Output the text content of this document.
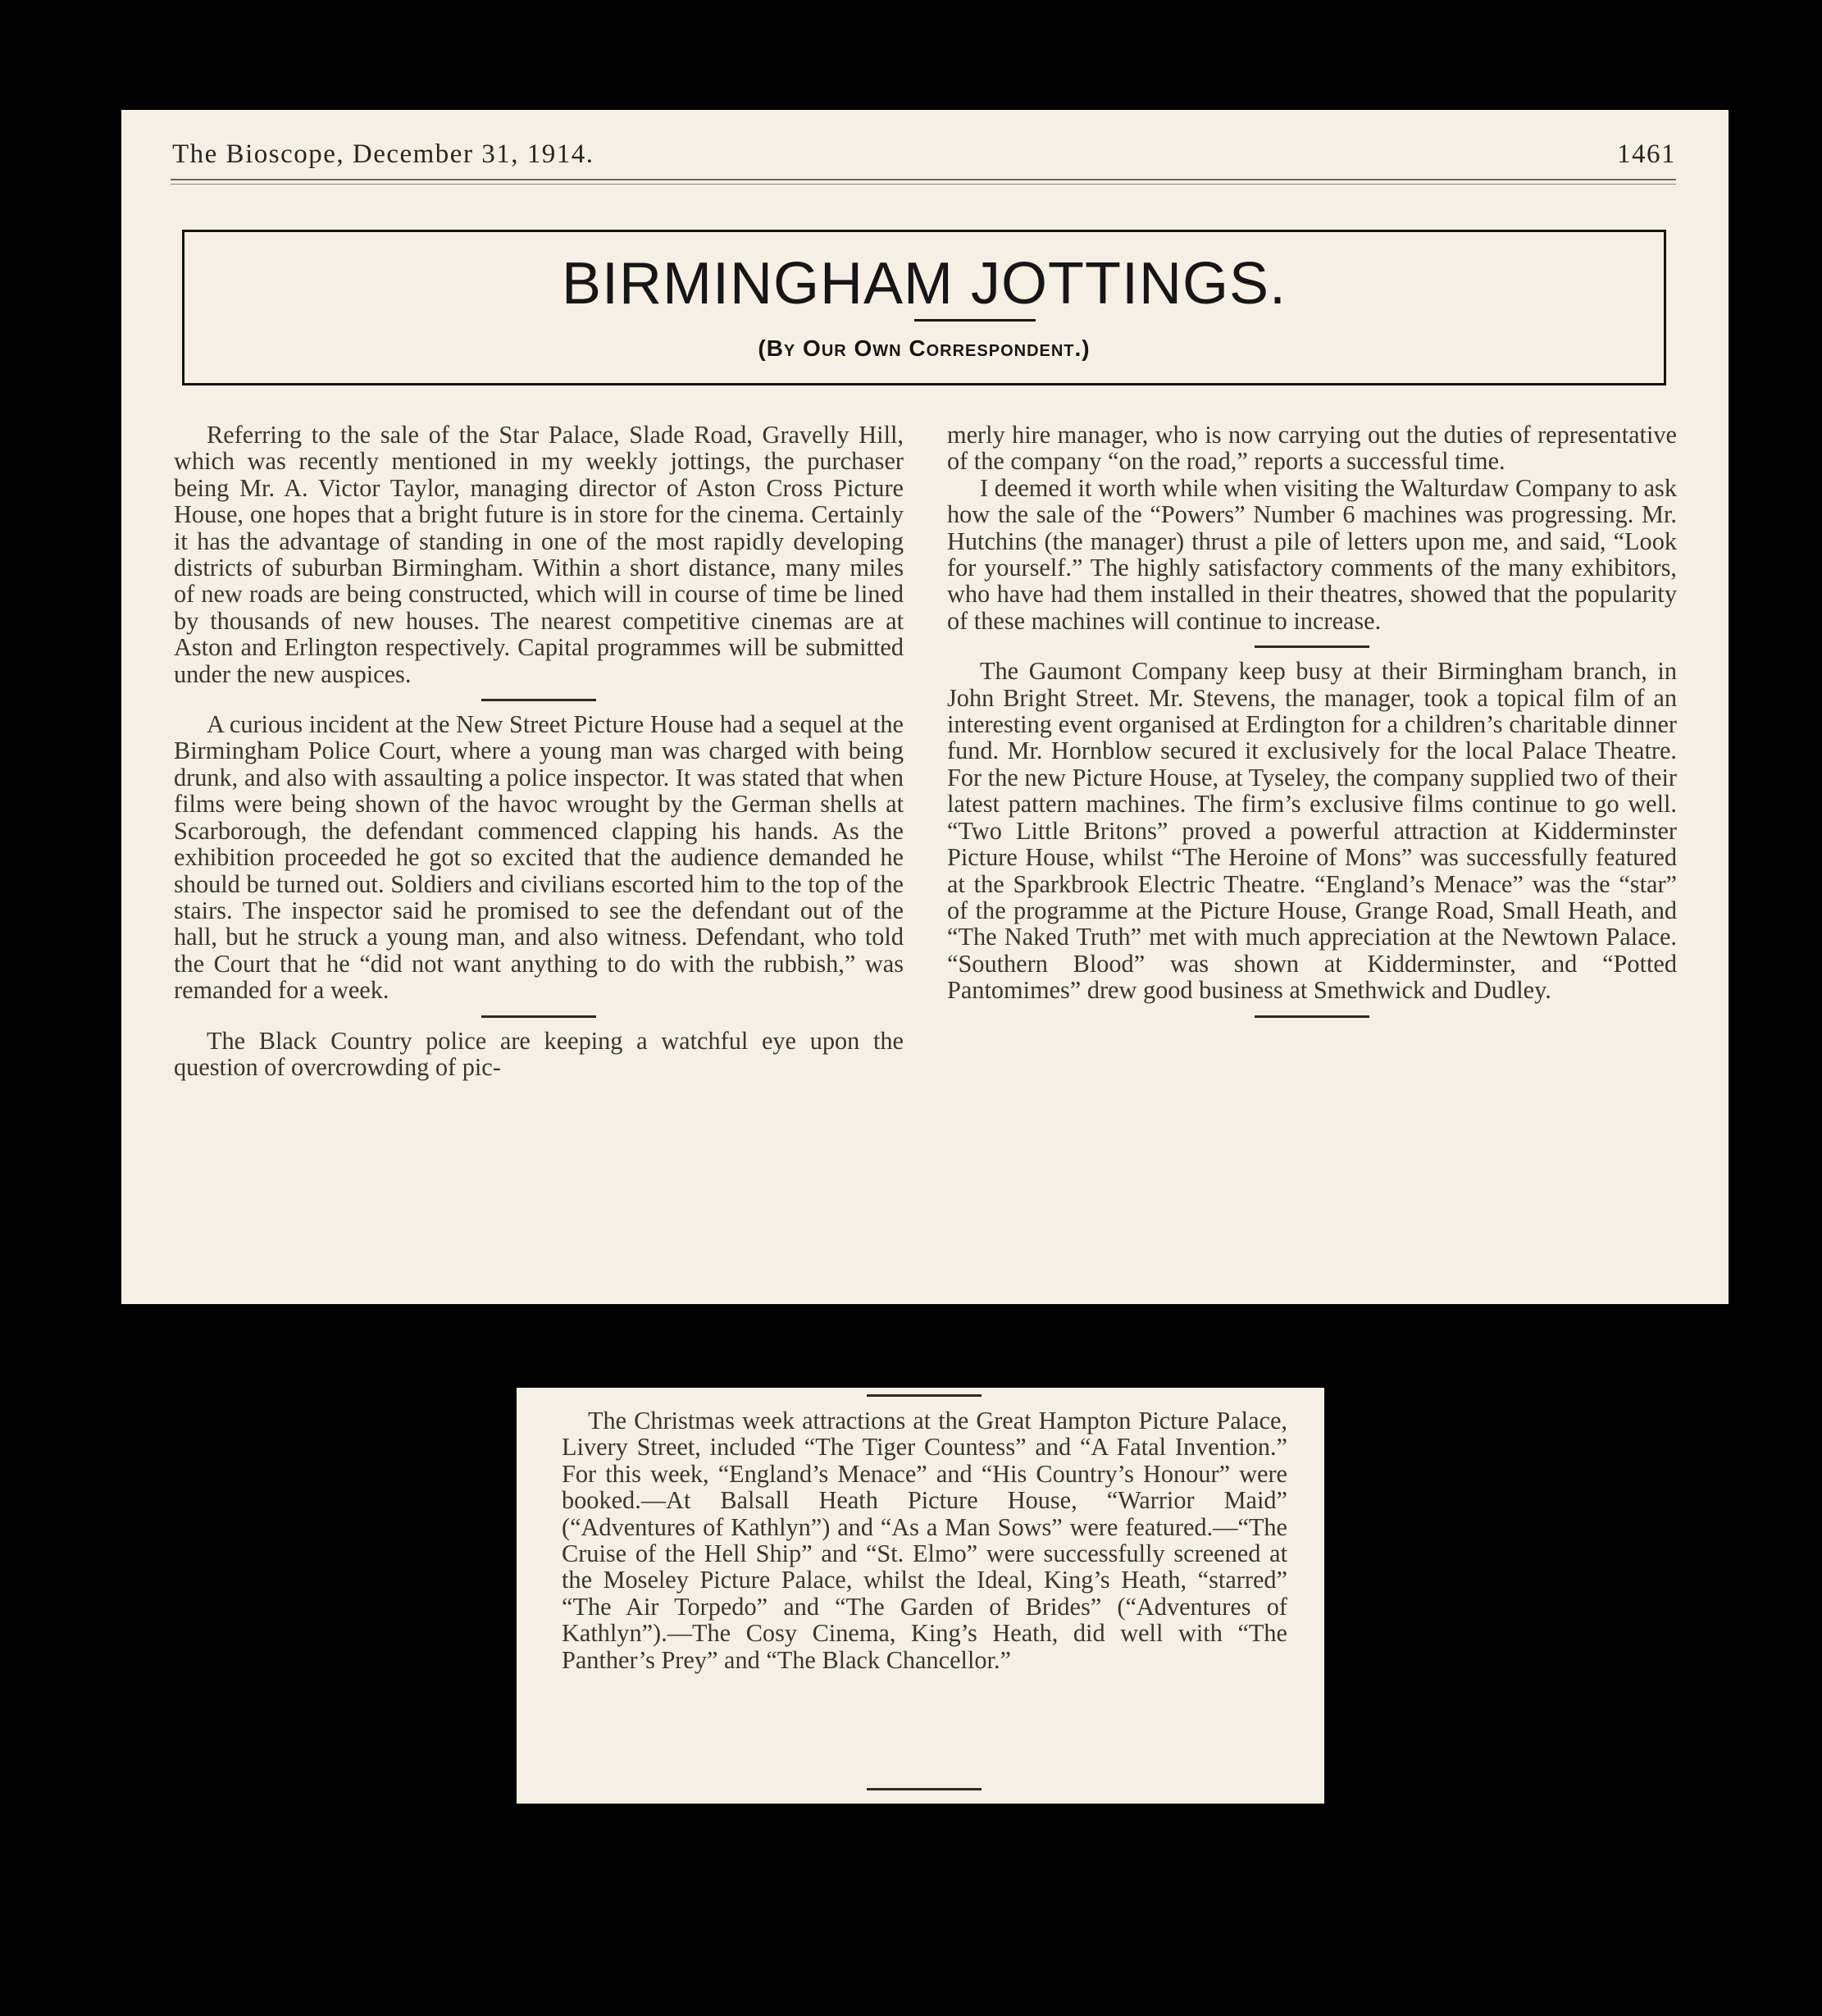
The Bioscope, December 31, 1914.	1461
BIRMINGHAM JOTTINGS.
(By Our Own Correspondent.)

Referring to the sale of the Star Palace, Slade Road, Gravelly Hill, which was recently mentioned in my weekly jottings, the purchaser being Mr. A. Victor Taylor, managing director of Aston Cross Picture House, one hopes that a bright future is in store for the cinema. Certainly it has the advantage of standing in one of the most rapidly developing districts of suburban Birmingham. Within a short distance, many miles of new roads are being constructed, which will in course of time be lined by thousands of new houses. The nearest competitive cinemas are at Aston and Erlington respectively. Capital programmes will be submitted under the new auspices.

A curious incident at the New Street Picture House had a sequel at the Birmingham Police Court, where a young man was charged with being drunk, and also with assaulting a police inspector. It was stated that when films were being shown of the havoc wrought by the German shells at Scarborough, the defendant commenced clapping his hands. As the exhibition proceeded he got so excited that the audience demanded he should be turned out. Soldiers and civilians escorted him to the top of the stairs. The inspector said he promised to see the defendant out of the hall, but he struck a young man, and also witness. Defendant, who told the Court that he “did not want anything to do with the rubbish,” was remanded for a week.

The Black Country police are keeping a watchful eye upon the question of overcrowding of pic-

merly hire manager, who is now carrying out the duties of representative of the company “on the road,” reports a successful time.

I deemed it worth while when visiting the Walturdaw Company to ask how the sale of the “Powers” Number 6 machines was progressing. Mr. Hutchins (the manager) thrust a pile of letters upon me, and said, “Look for yourself.” The highly satisfactory comments of the many exhibitors, who have had them installed in their theatres, showed that the popularity of these machines will continue to increase.

The Gaumont Company keep busy at their Birmingham branch, in John Bright Street. Mr. Stevens, the manager, took a topical film of an interesting event organised at Erdington for a children’s charitable dinner fund. Mr. Hornblow secured it exclusively for the local Palace Theatre. For the new Picture House, at Tyseley, the company supplied two of their latest pattern machines. The firm’s exclusive films continue to go well. “Two Little Britons” proved a powerful attraction at Kidderminster Picture House, whilst “The Heroine of Mons” was successfully featured at the Sparkbrook Electric Theatre. “England’s Menace” was the “star” of the programme at the Picture House, Grange Road, Small Heath, and “The Naked Truth” met with much appreciation at the Newtown Palace. “Southern Blood” was shown at Kidderminster, and “Potted Pantomimes” drew good business at Smethwick and Dudley.

The Christmas week attractions at the Great Hampton Picture Palace, Livery Street, included “The Tiger Countess” and “A Fatal Invention.” For this week, “England’s Menace” and “His Country’s Honour” were booked.—At Balsall Heath Picture House, “Warrior Maid” (“Adventures of Kathlyn”) and “As a Man Sows” were featured.—“The Cruise of the Hell Ship” and “St. Elmo” were successfully screened at the Moseley Picture Palace, whilst the Ideal, King’s Heath, “starred” “The Air Torpedo” and “The Garden of Brides” (“Adventures of Kathlyn”).—The Cosy Cinema, King’s Heath, did well with “The Panther’s Prey” and “The Black Chancellor.”
